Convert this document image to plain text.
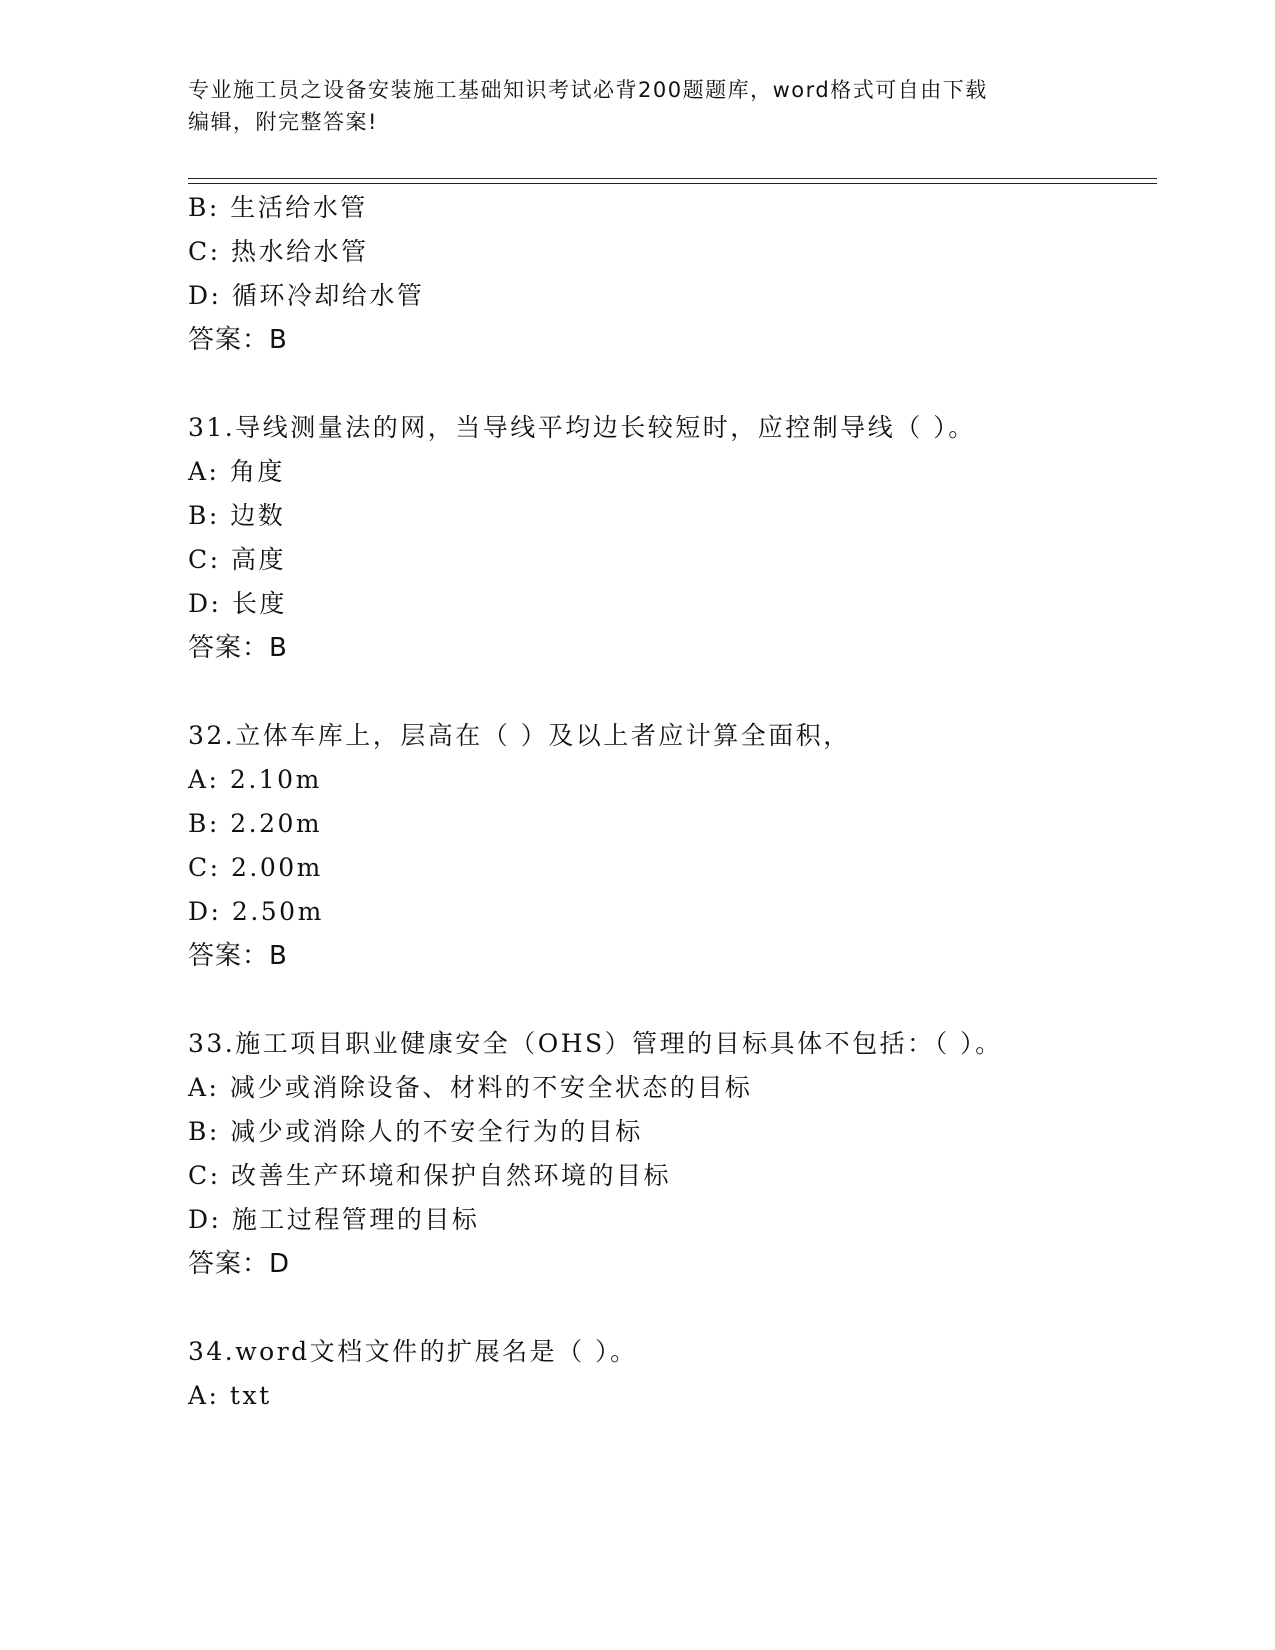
专业施工员之设备安装施工基础知识考试必背200题题库，word格式可自由下载
编辑，附完整答案!
B: 生活给水管
C: 热水给水管
D: 循环冷却给水管
答案：B
31.导线测量法的网，当导线平均边长较短时，应控制导线（ ）。
A: 角度
B: 边数
C: 高度
D: 长度
答案：B
32.立体车库上，层高在（ ）及以上者应计算全面积，
A: 2.10m
B: 2.20m
C: 2.00m
D: 2.50m
答案：B
33.施工项目职业健康安全（OHS）管理的目标具体不包括：（ ）。
A: 减少或消除设备、材料的不安全状态的目标
B: 减少或消除人的不安全行为的目标
C: 改善生产环境和保护自然环境的目标
D: 施工过程管理的目标
答案：D
34.word文档文件的扩展名是（ ）。
A: txt
